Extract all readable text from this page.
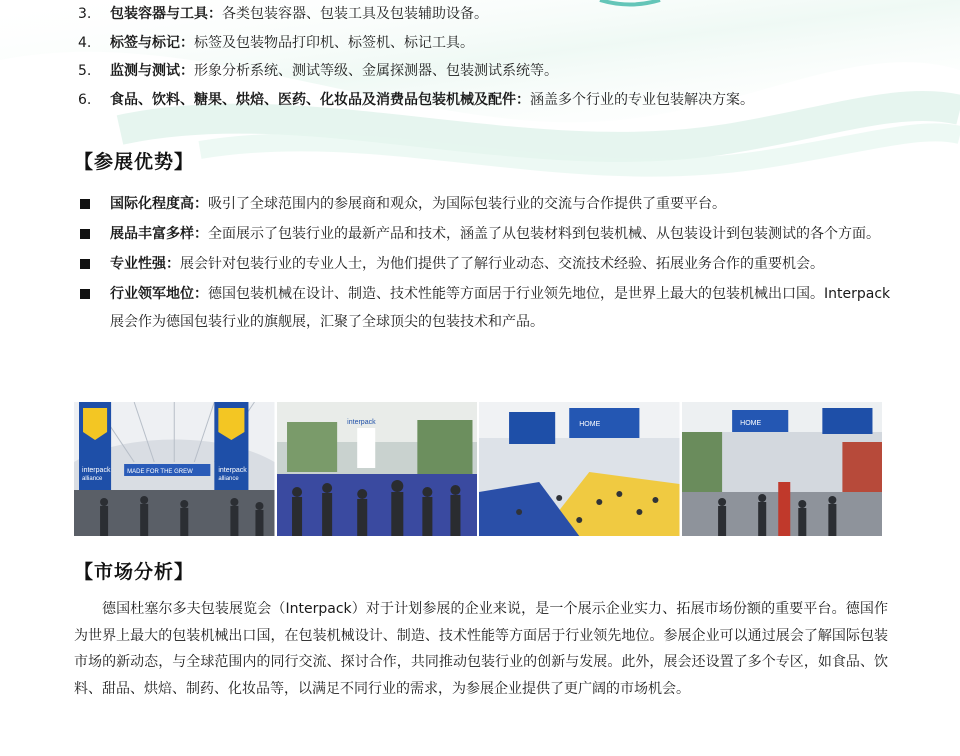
3.	包装容器与工具：各类包装容器、包装工具及包装辅助设备。
4.	标签与标记：标签及包装物品打印机、标签机、标记工具。
5.	监测与测试：形象分析系统、测试等级、金属探测器、包装测试系统等。
6.	食品、饮料、糖果、烘焙、医药、化妆品及消费品包装机械及配件：涵盖多个行业的专业包装解决方案。
【参展优势】
国际化程度高：吸引了全球范围内的参展商和观众，为国际包装行业的交流与合作提供了重要平台。
展品丰富多样：全面展示了包装行业的最新产品和技术，涵盖了从包装材料到包装机械、从包装设计到包装测试的各个方面。
专业性强：展会针对包装行业的专业人士，为他们提供了了解行业动态、交流技术经验、拓展业务合作的重要机会。
行业领军地位：德国包装机械在设计、制造、技术性能等方面居于行业领先地位，是世界上最大的包装机械出口国。Interpack 展会作为德国包装行业的旗舰展，汇聚了全球顶尖的包装技术和产品。
interpack
alliance
interpack
alliance
MADE FOR THE GREW
interpack	HOME	HOME
【市场分析】
德国杜塞尔多夫包装展览会（Interpack）对于计划参展的企业来说，是一个展示企业实力、拓展市场份额的重要平台。德国作为世界上最大的包装机械出口国，在包装机械设计、制造、技术性能等方面居于行业领先地位。参展企业可以通过展会了解国际包装市场的新动态，与全球范围内的同行交流、探讨合作，共同推动包装行业的创新与发展。此外，展会还设置了多个专区，如食品、饮料、甜品、烘焙、制药、化妆品等，以满足不同行业的需求，为参展企业提供了更广阔的市场机会。
